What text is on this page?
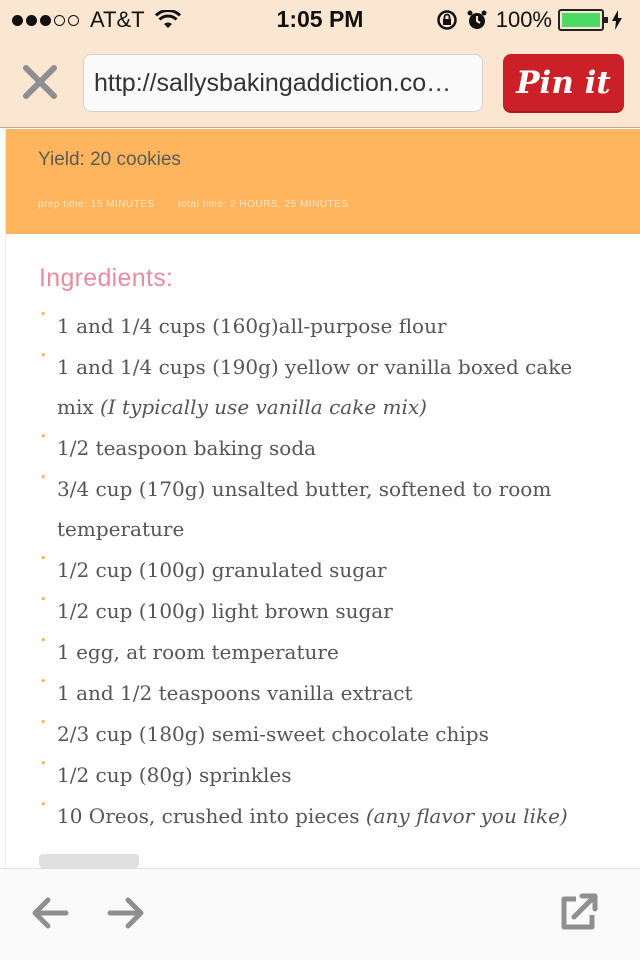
AT&T	1:05 PM	100%
http://sallysbakingaddiction.co…	Pin it
Yield: 20 cookies
prep time: 15 MINUTES total time: 2 HOURS, 25 MINUTES
Ingredients:
• 1 and 1/4 cups (160g)all-purpose flour
• 1 and 1/4 cups (190g) yellow or vanilla boxed cake mix (I typically use vanilla cake mix)
• 1/2 teaspoon baking soda
• 3/4 cup (170g) unsalted butter, softened to room temperature
• 1/2 cup (100g) granulated sugar
• 1/2 cup (100g) light brown sugar
• 1 egg, at room temperature
• 1 and 1/2 teaspoons vanilla extract
• 2/3 cup (180g) semi-sweet chocolate chips
• 1/2 cup (80g) sprinkles
• 10 Oreos, crushed into pieces (any flavor you like)
